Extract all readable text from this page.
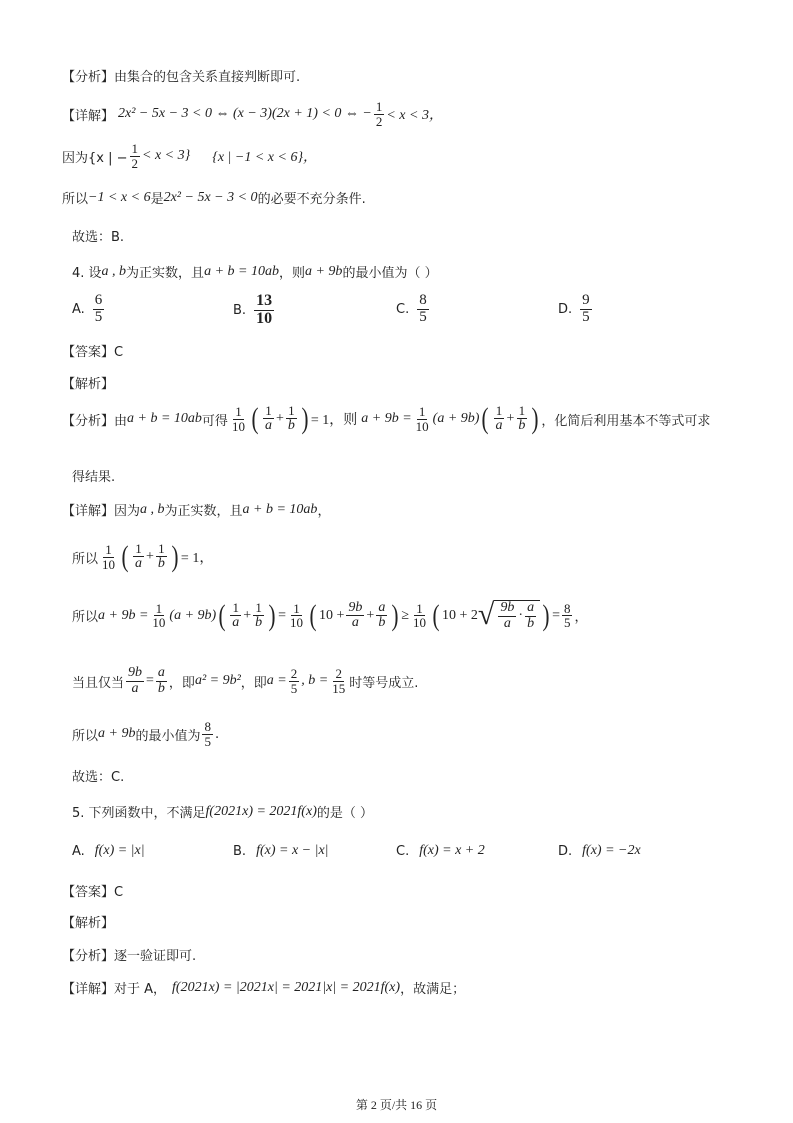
【分析】由集合的包含关系直接判断即可.
【详解】 2x² − 5x − 3 < 0 ⇔ (x − 3)(2x + 1) < 0 ⇔ − $\frac{1}{2} < x < 3$，
因为{x | − $\frac{1}{2} < x < 3$} {x | −1 < x < 6}，
所以 −1 < x < 6 是 2x² − 5x − 3 < 0 的必要不充分条件.
故选：B.
4. 设 a , b 为正实数，且 a + b = 10ab ，则 a + 9b 的最小值为（ ）
A. $\frac{6}{5}$	B. $\frac{13}{10}$	C. $\frac{8}{5}$	D. $\frac{9}{5}$
【答案】C
【解析】
【分析】由 a + b = 10ab 可得 $\frac{1}{10}$ ( $\frac{1}{a} + \frac{1}{b}$ ) = 1，则 $a + 9b = \frac{1}{10} (a + 9b)$ ( $\frac{1}{a} + \frac{1}{b}$ ) ，化简后利用基本不等式可求
得结果.
【详解】因为 a , b 为正实数，且 a + b = 10ab ，
所以 $\frac{1}{10}$ ( $\frac{1}{a} + \frac{1}{b}$ ) = 1，
所以 $a + 9b = \frac{1}{10} (a + 9b)$ ( $\frac{1}{a} + \frac{1}{b}$ ) = $\frac{1}{10}$ ( $10 + \frac{9b}{a} + \frac{a}{b}$ ) ≥ $\frac{1}{10}$ ( 10 + 2 √ $\frac{9b}{a} \cdot \frac{a}{b}$ ) = $\frac{8}{5}$ ，
当且仅当 $\frac{9b}{a} = \frac{a}{b}$ ，即 a² = 9b² ，即 $a = \frac{2}{5}$ , $b = \frac{2}{15}$ 时等号成立.
所以 a + 9b 的最小值为 $\frac{8}{5}$ .
故选：C.
5. 下列函数中，不满足 f(2021x) = 2021f(x) 的是（ ）
A. f(x) = |x|	B. f(x) = x − |x|	C. f(x) = x + 2	D. f(x) = −2x
【答案】C
【解析】
【分析】逐一验证即可.
【详解】对于 A， f(2021x) = |2021x| = 2021|x| = 2021f(x) ，故满足；
第 2 页/共 16 页
